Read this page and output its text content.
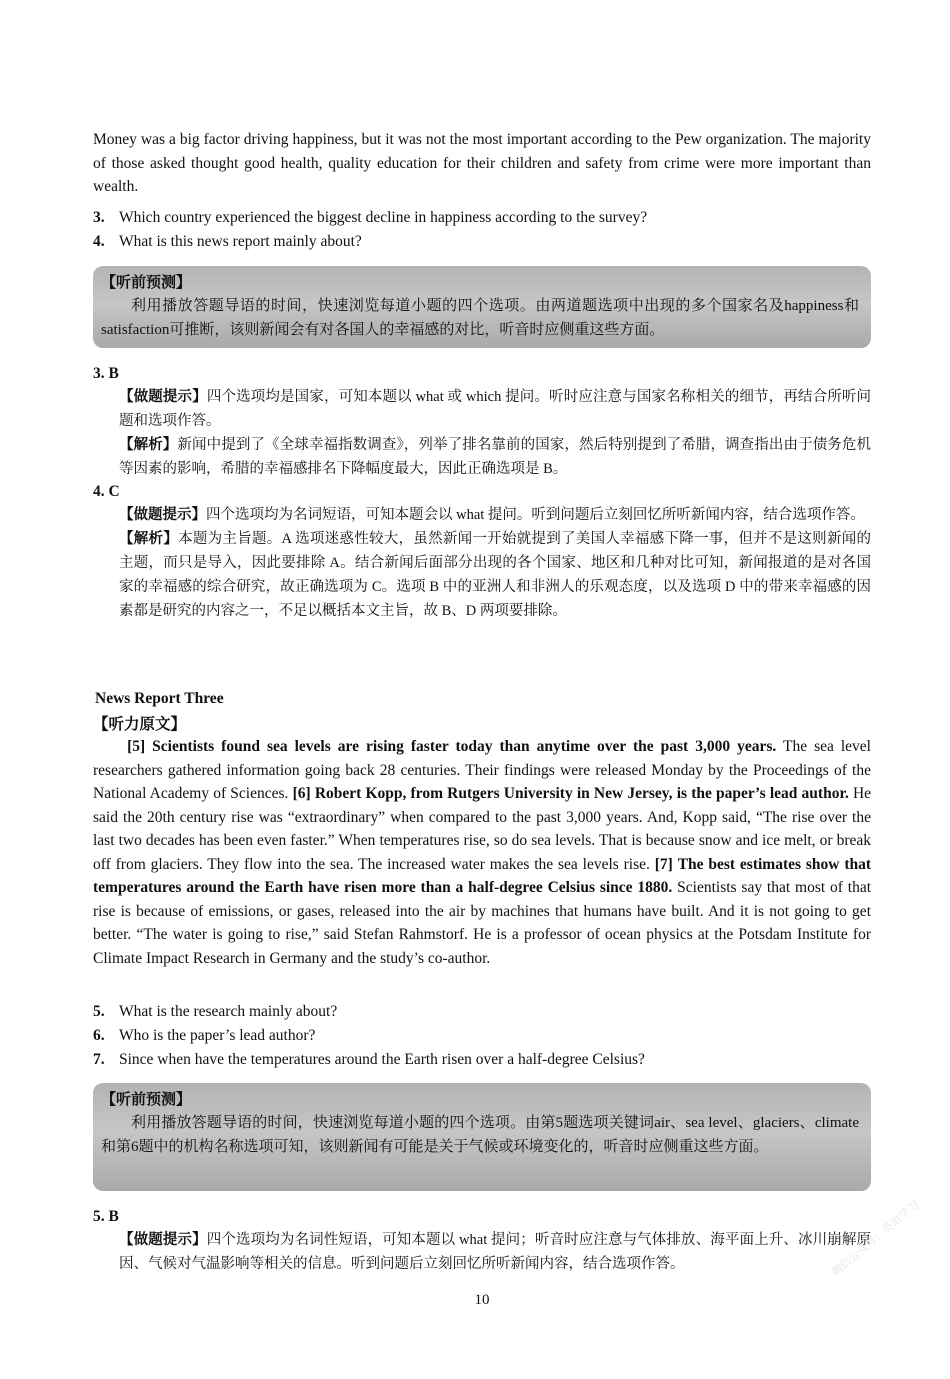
Money was a big factor driving happiness, but it was not the most important according to the Pew organization. The majority of those asked thought good health, quality education for their children and safety from crime were more important than wealth.

3. Which country experienced the biggest decline in happiness according to the survey?
4. What is this news report mainly about?
【听前预测】
利用播放答题导语的时间，快速浏览每道小题的四个选项。由两道题选项中出现的多个国家名及happiness和satisfaction可推断，该则新闻会有对各国人的幸福感的对比，听音时应侧重这些方面。
3. B

【做题提示】四个选项均是国家，可知本题以 what 或 which 提问。听时应注意与国家名称相关的细节，再结合所听问题和选项作答。

【解析】新闻中提到了《全球幸福指数调查》，列举了排名靠前的国家，然后特别提到了希腊，调查指出由于债务危机等因素的影响，希腊的幸福感排名下降幅度最大，因此正确选项是 B。

4. C

【做题提示】四个选项均为名词短语，可知本题会以 what 提问。听到问题后立刻回忆所听新闻内容，结合选项作答。

【解析】本题为主旨题。A 选项迷惑性较大，虽然新闻一开始就提到了美国人幸福感下降一事，但并不是这则新闻的主题，而只是导入，因此要排除 A。结合新闻后面部分出现的各个国家、地区和几种对比可知，新闻报道的是对各国家的幸福感的综合研究，故正确选项为 C。选项 B 中的亚洲人和非洲人的乐观态度，以及选项 D 中的带来幸福感的因素都是研究的内容之一，不足以概括本文主旨，故 B、D 两项要排除。

News Report Three
【听力原文】

[5] Scientists found sea levels are rising faster today than anytime over the past 3,000 years. The sea level researchers gathered information going back 28 centuries. Their findings were released Monday by the Proceedings of the National Academy of Sciences. [6] Robert Kopp, from Rutgers University in New Jersey, is the paper’s lead author. He said the 20th century rise was “extraordinary” when compared to the past 3,000 years. And, Kopp said, “The rise over the last two decades has been even faster.” When temperatures rise, so do sea levels. That is because snow and ice melt, or break off from glaciers. They flow into the sea. The increased water makes the sea levels rise. [7] The best estimates show that temperatures around the Earth have risen more than a half-degree Celsius since 1880. Scientists say that most of that rise is because of emissions, or gases, released into the air by machines that humans have built. And it is not going to get better. “The water is going to rise,” said Stefan Rahmstorf. He is a professor of ocean physics at the Potsdam Institute for Climate Impact Research in Germany and the study’s co-author.

5. What is the research mainly about?
6. Who is the paper’s lead author?
7. Since when have the temperatures around the Earth risen over a half-degree Celsius?
【听前预测】
利用播放答题导语的时间，快速浏览每道小题的四个选项。由第5题选项关键词air、sea level、glaciers、climate和第6题中的机构名称选项可知，该则新闻有可能是关于气候或环境变化的，听音时应侧重这些方面。
5. B

【做题提示】四个选项均为名词性短语，可知本题以 what 提问；听音时应注意与气体排放、海平面上升、冰川崩解原因、气候对气温影响等相关的信息。听到问题后立刻回忆所听新闻内容，结合选项作答。

10
微信公众号：英语学习
